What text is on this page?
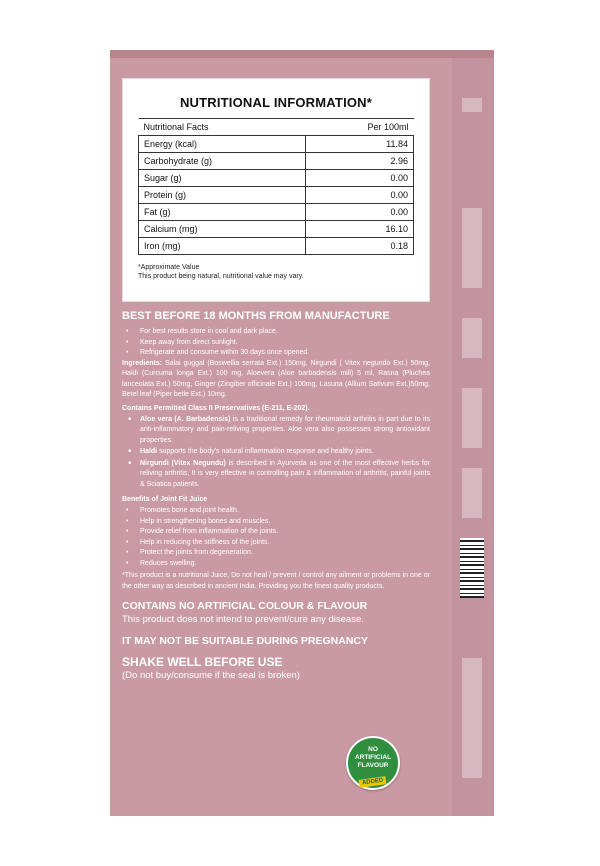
NUTRITIONAL INFORMATION*
Nutritional Facts	Per 100ml
Energy (kcal)	11.84
Carbohydrate (g)	2.96
Sugar (g)	0.00
Protein (g)	0.00
Fat (g)	0.00
Calcium (mg)	16.10
Iron (mg)	0.18
*Approximate Value
This product being natural, nutritional value may vary.
BEST BEFORE 18 MONTHS FROM MANUFACTURE
• For best results store in cool and dark place.
• Keep away from direct sunlight.
• Refrigerate and consume within 30 days once opened.
Ingredients: Salai guggal (Boswellia serrata Ext.) 150mg, Nirgundi ( Vitex negundo Ext.) 50mg, Haldi (Curcuma longa Ext.) 100 mg, Aloevera (Aloe barbadensis mill) 5 ml, Rasna (Pluchea lanceolata Ext.) 50mg, Ginger (Zingiber officinale Ext.) 100mg, Lasuna (Allium Sativum Ext.)50mg, Betel leaf (Piper betle Ext.) 10mg.
Contains Permitted Class II Preservatives (E-211, E-202).
• Aloe vera (A. Barbadensis) is a traditional remedy for rheumatoid arthritis in part due to its anti-inflammatory and pain-reliving properties. Aloe vera also possesses strong antioxidant properties.
• Haldi supports the body's natural inflammation response and healthy joints.
• Nirgundi (Vitex Negundu) is described in Ayurveda as one of the most effective herbs for reliving arthritis, It is very effective in controlling pain & inflammation of arthritis, painful joints & Sciatica patients.
Benefits of Joint Fit Juice
• Promotes bone and joint health.
• Help in strengthening bones and muscles.
• Provide relief from inflammation of the joints.
• Help in reducing the stiffness of the joints.
• Protect the joints from degeneration.
• Reduces swelling.
*This product is a nutritional Juice, Do not heal / prevent / control any ailment or problems in one or the other way as described in ancient India. Providing you the finest quality products.
CONTAINS NO ARTIFICIAL COLOUR & FLAVOUR
This product does not intend to prevent/cure any disease.
IT MAY NOT BE SUITABLE DURING PREGNANCY
SHAKE WELL BEFORE USE
(Do not buy/consume if the seal is broken)
NO
ARTIFICIAL
FLAVOUR
ADDED
